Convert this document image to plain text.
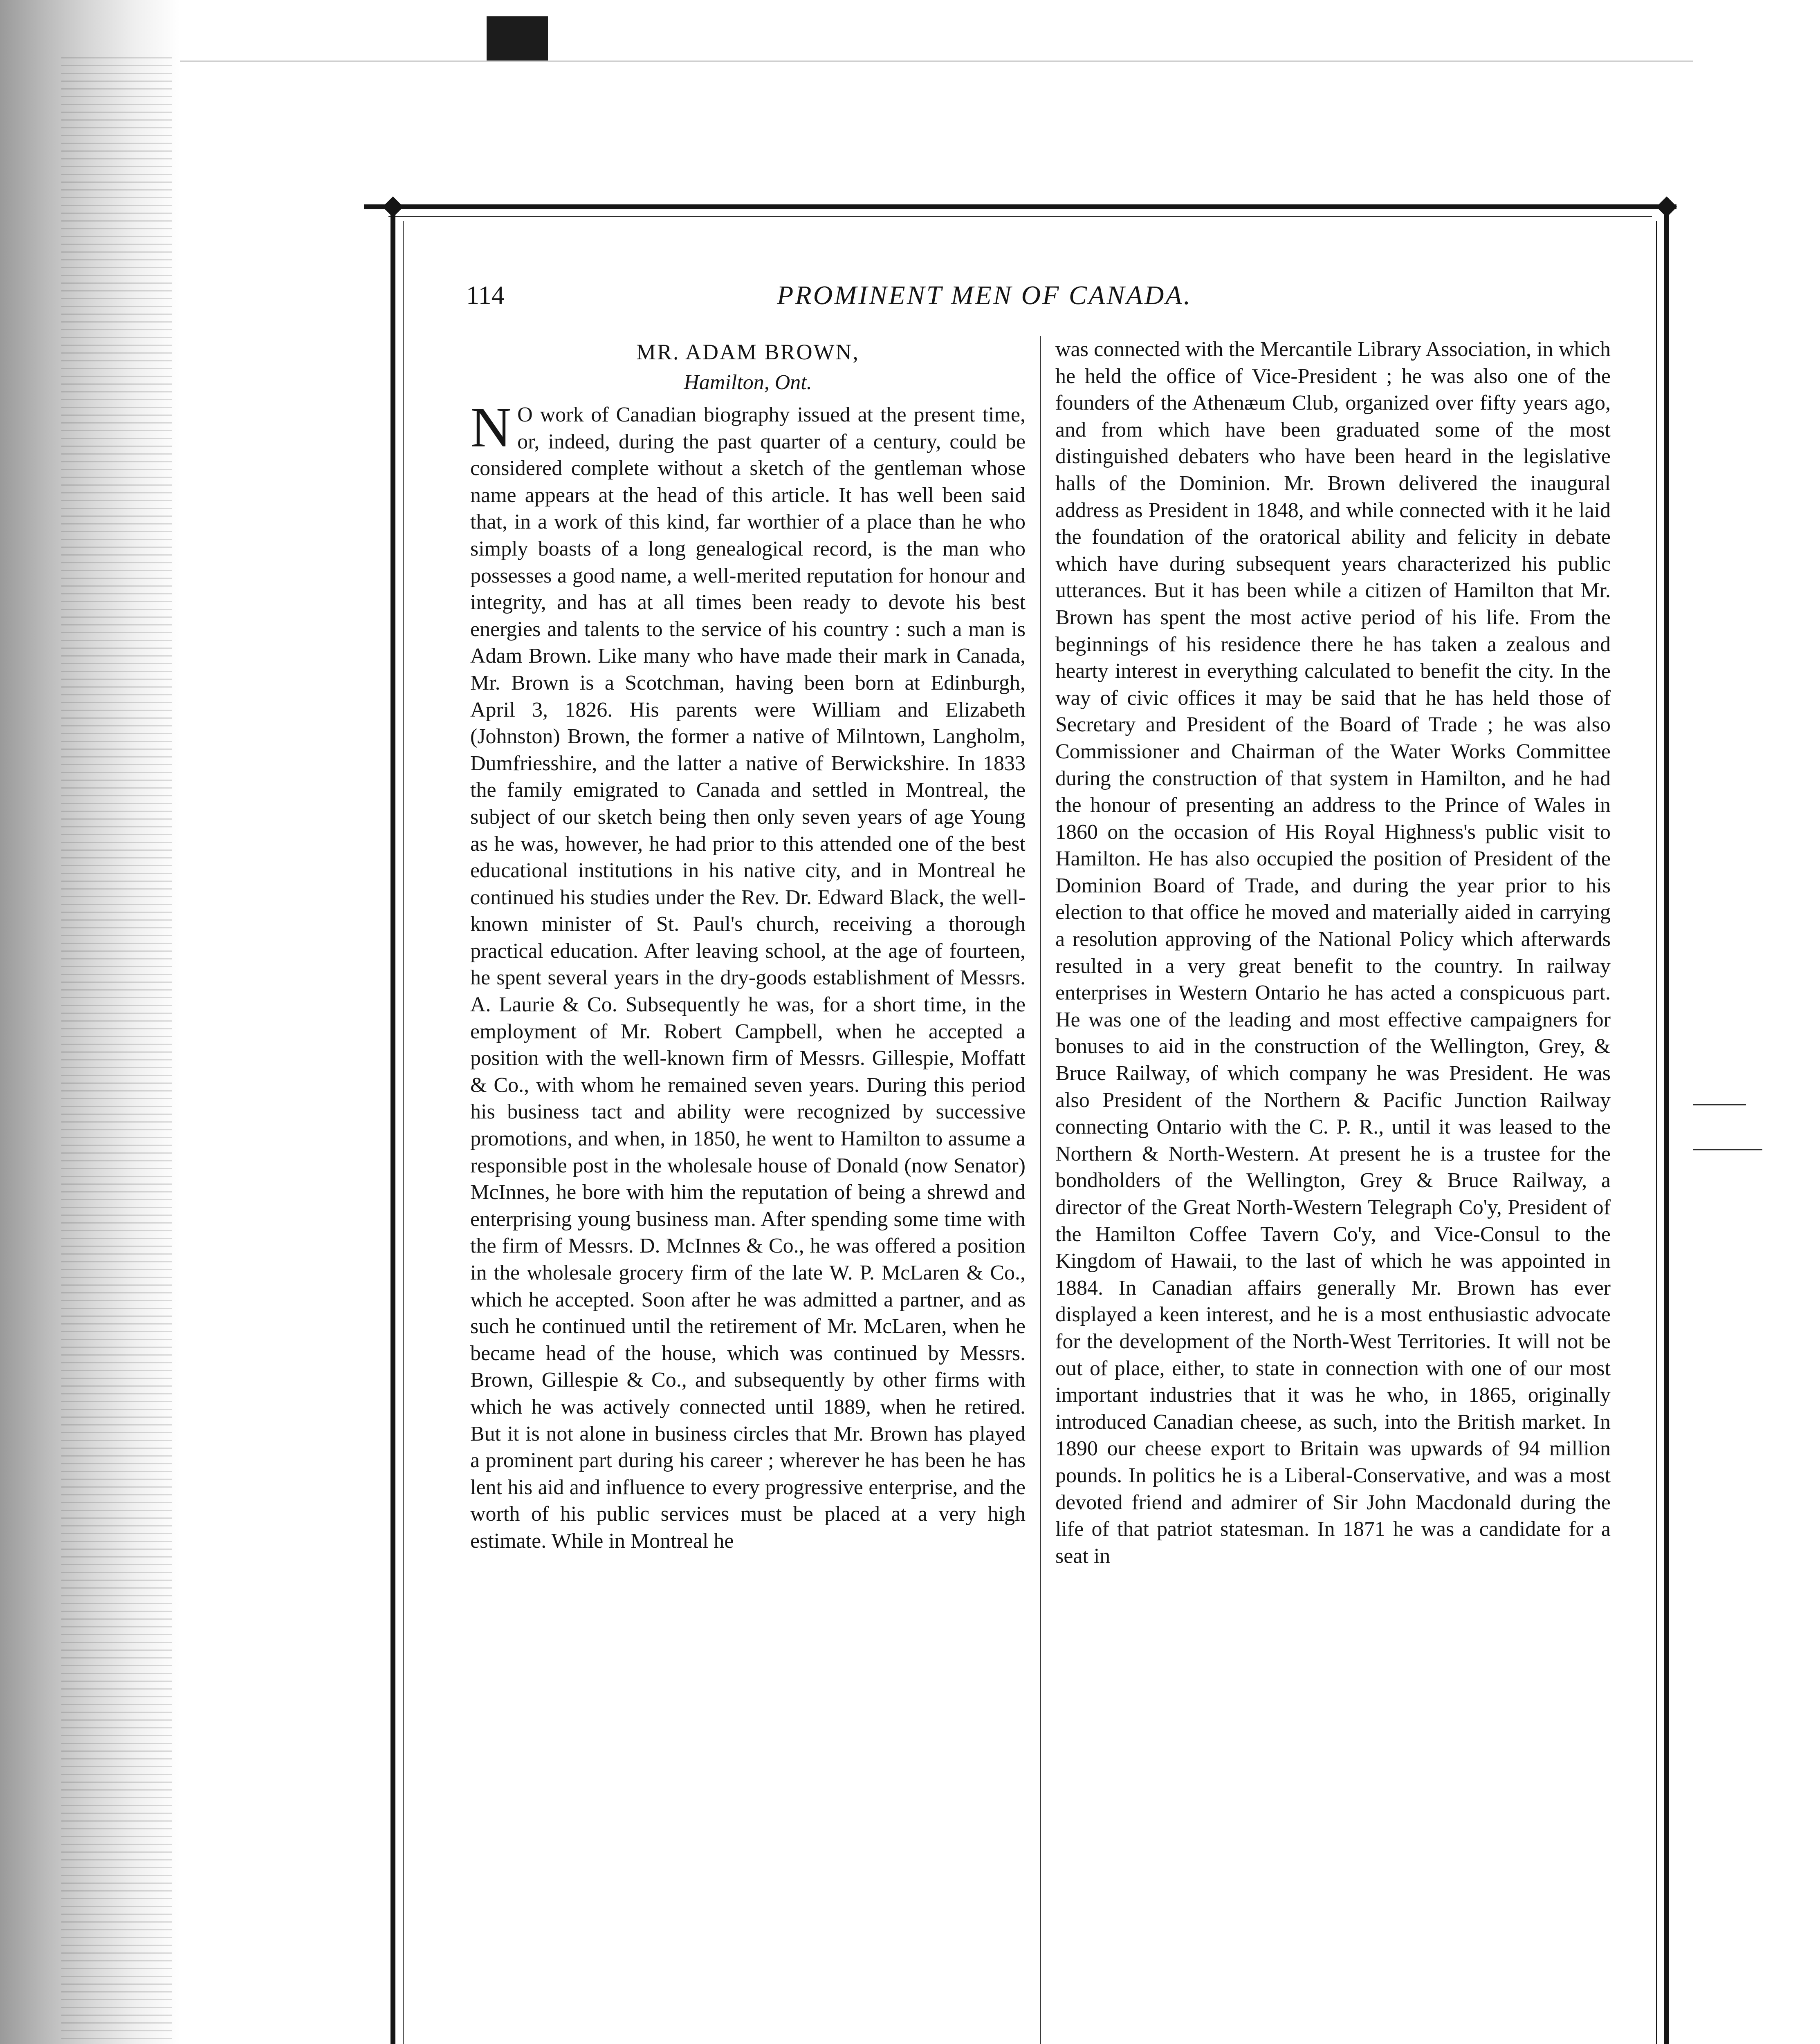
114	PROMINENT MEN OF CANADA.

MR. ADAM BROWN,

Hamilton, Ont.

N O work of Canadian biography issued at the present time, or, indeed, during the past quarter of a century, could be considered complete without a sketch of the gentleman whose name appears at the head of this article. It has well been said that, in a work of this kind, far worthier of a place than he who simply boasts of a long genealogical record, is the man who possesses a good name, a well-merited reputation for honour and integrity, and has at all times been ready to devote his best energies and talents to the service of his country : such a man is Adam Brown. Like many who have made their mark in Canada, Mr. Brown is a Scotchman, having been born at Edinburgh, April 3, 1826. His parents were William and Elizabeth (Johnston) Brown, the former a native of Milntown, Langholm, Dumfriesshire, and the latter a native of Berwickshire. In 1833 the family emigrated to Canada and settled in Montreal, the subject of our sketch being then only seven years of age Young as he was, however, he had prior to this attended one of the best educational institutions in his native city, and in Montreal he continued his studies under the Rev. Dr. Edward Black, the well-known minister of St. Paul's church, receiving a thorough practical education. After leaving school, at the age of fourteen, he spent several years in the dry-goods establishment of Messrs. A. Laurie & Co. Subsequently he was, for a short time, in the employment of Mr. Robert Campbell, when he accepted a position with the well-known firm of Messrs. Gillespie, Moffatt & Co., with whom he remained seven years. During this period his business tact and ability were recognized by successive promotions, and when, in 1850, he went to Hamilton to assume a responsible post in the wholesale house of Donald (now Senator) McInnes, he bore with him the reputation of being a shrewd and enterprising young business man. After spending some time with the firm of Messrs. D. McInnes & Co., he was offered a position in the wholesale grocery firm of the late W. P. McLaren & Co., which he accepted. Soon after he was admitted a partner, and as such he continued until the retirement of Mr. McLaren, when he became head of the house, which was continued by Messrs. Brown, Gillespie & Co., and subsequently by other firms with which he was actively connected until 1889, when he retired. But it is not alone in business circles that Mr. Brown has played a prominent part during his career ; wherever he has been he has lent his aid and influence to every progressive enterprise, and the worth of his public services must be placed at a very high estimate. While in Montreal he

was connected with the Mercantile Library Association, in which he held the office of Vice-President ; he was also one of the founders of the Athenæum Club, organized over fifty years ago, and from which have been graduated some of the most distinguished debaters who have been heard in the legislative halls of the Dominion. Mr. Brown delivered the inaugural address as President in 1848, and while connected with it he laid the foundation of the oratorical ability and felicity in debate which have during subsequent years characterized his public utterances. But it has been while a citizen of Hamilton that Mr. Brown has spent the most active period of his life. From the beginnings of his residence there he has taken a zealous and hearty interest in everything calculated to benefit the city. In the way of civic offices it may be said that he has held those of Secretary and President of the Board of Trade ; he was also Commissioner and Chairman of the Water Works Committee during the construction of that system in Hamilton, and he had the honour of presenting an address to the Prince of Wales in 1860 on the occasion of His Royal Highness's public visit to Hamilton. He has also occupied the position of President of the Dominion Board of Trade, and during the year prior to his election to that office he moved and materially aided in carrying a resolution approving of the National Policy which afterwards resulted in a very great benefit to the country. In railway enterprises in Western Ontario he has acted a conspicuous part. He was one of the leading and most effective campaigners for bonuses to aid in the construction of the Wellington, Grey, & Bruce Railway, of which company he was President. He was also President of the Northern & Pacific Junction Railway connecting Ontario with the C. P. R., until it was leased to the Northern & North-Western. At present he is a trustee for the bondholders of the Wellington, Grey & Bruce Railway, a director of the Great North-Western Telegraph Co'y, President of the Hamilton Coffee Tavern Co'y, and Vice-Consul to the Kingdom of Hawaii, to the last of which he was appointed in 1884. In Canadian affairs generally Mr. Brown has ever displayed a keen interest, and he is a most enthusiastic advocate for the development of the North-West Territories. It will not be out of place, either, to state in connection with one of our most important industries that it was he who, in 1865, originally introduced Canadian cheese, as such, into the British market. In 1890 our cheese export to Britain was upwards of 94 million pounds. In politics he is a Liberal-Conservative, and was a most devoted friend and admirer of Sir John Macdonald during the life of that patriot statesman. In 1871 he was a candidate for a seat in
